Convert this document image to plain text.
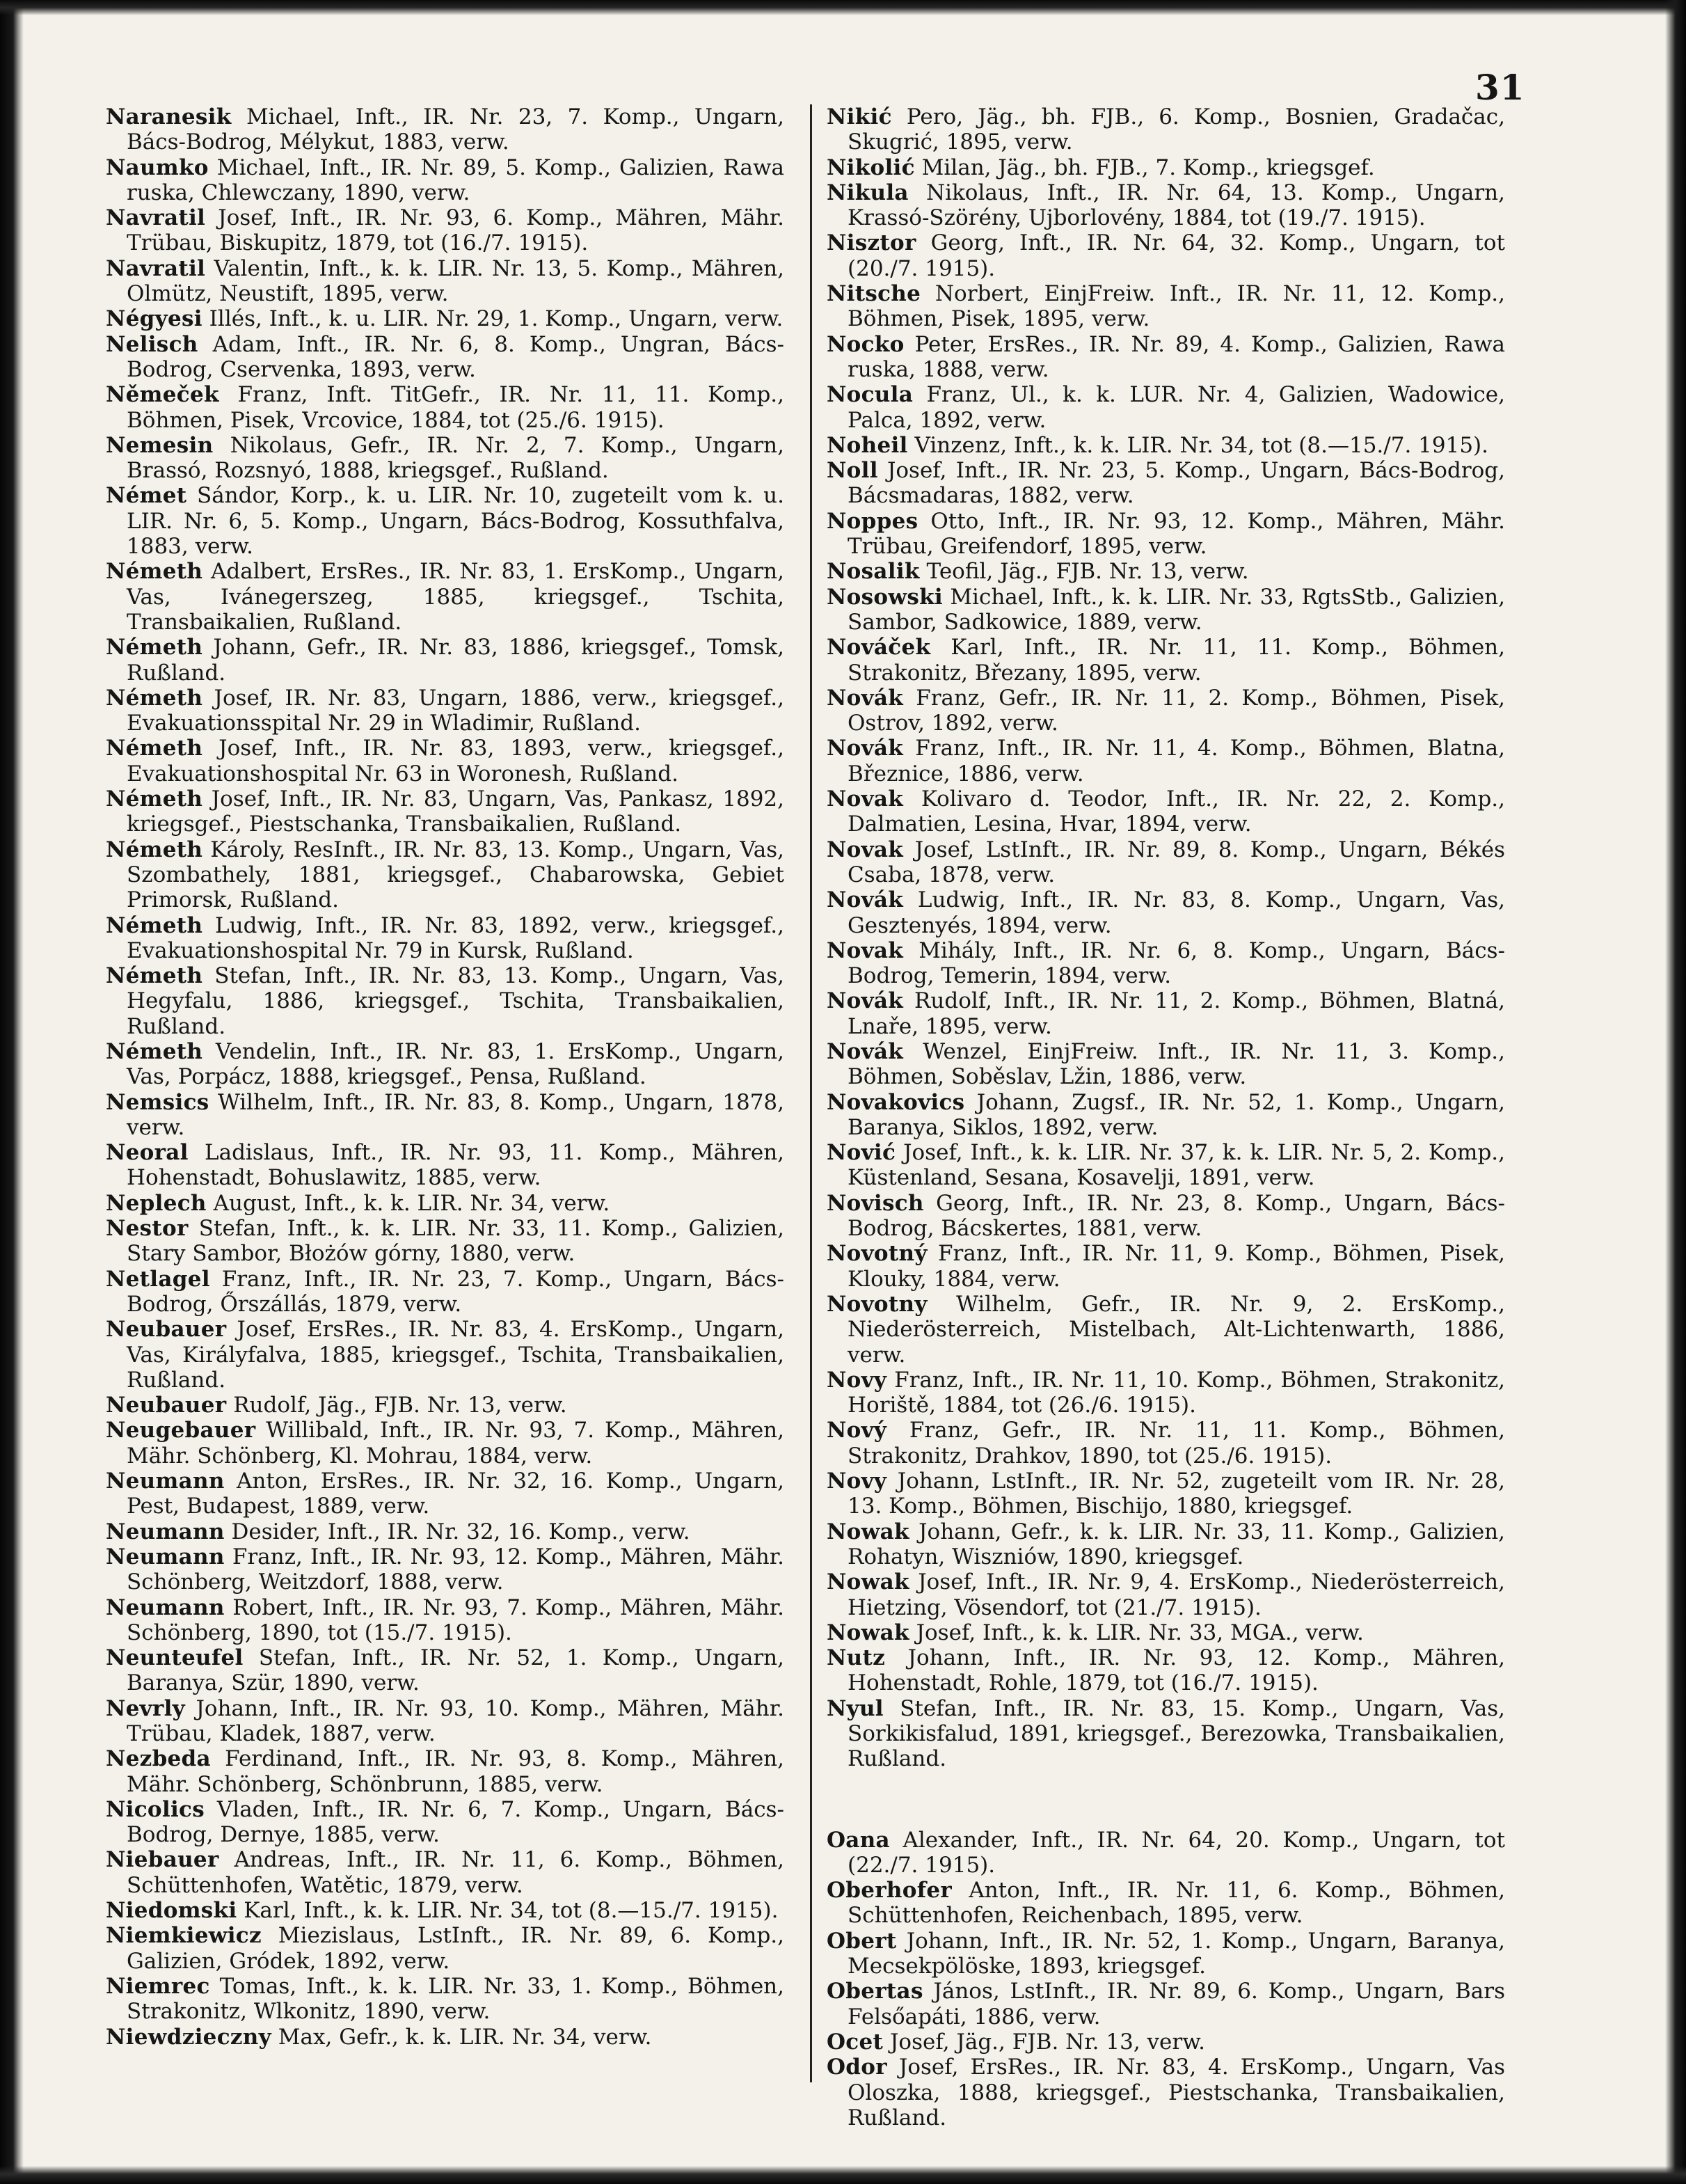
31

Naranesik Michael, Inft., IR. Nr. 23, 7. Komp., Ungarn, Bács-Bodrog, Mélykut, 1883, verw.

Naumko Michael, Inft., IR. Nr. 89, 5. Komp., Galizien, Rawa ruska, Chlewczany, 1890, verw.

Navratil Josef, Inft., IR. Nr. 93, 6. Komp., Mähren, Mähr. Trübau, Biskupitz, 1879, tot (16./7. 1915).

Navratil Valentin, Inft., k. k. LIR. Nr. 13, 5. Komp., Mähren, Olmütz, Neustift, 1895, verw.

Négyesi Illés, Inft., k. u. LIR. Nr. 29, 1. Komp., Ungarn, verw.

Nelisch Adam, Inft., IR. Nr. 6, 8. Komp., Ungran, Bács-Bodrog, Cservenka, 1893, verw.

Němeček Franz, Inft. TitGefr., IR. Nr. 11, 11. Komp., Böhmen, Pisek, Vrcovice, 1884, tot (25./6. 1915).

Nemesin Nikolaus, Gefr., IR. Nr. 2, 7. Komp., Ungarn, Brassó, Rozsnyó, 1888, kriegsgef., Rußland.

Német Sándor, Korp., k. u. LIR. Nr. 10, zugeteilt vom k. u. LIR. Nr. 6, 5. Komp., Ungarn, Bács-Bodrog, Kossuthfalva, 1883, verw.

Németh Adalbert, ErsRes., IR. Nr. 83, 1. ErsKomp., Ungarn, Vas, Ivánegerszeg, 1885, kriegsgef., Tschita, Transbaikalien, Rußland.

Németh Johann, Gefr., IR. Nr. 83, 1886, kriegsgef., Tomsk, Rußland.

Németh Josef, IR. Nr. 83, Ungarn, 1886, verw., kriegsgef., Evakuationsspital Nr. 29 in Wladimir, Rußland.

Németh Josef, Inft., IR. Nr. 83, 1893, verw., kriegsgef., Evakuationshospital Nr. 63 in Woronesh, Rußland.

Németh Josef, Inft., IR. Nr. 83, Ungarn, Vas, Pankasz, 1892, kriegsgef., Piestschanka, Transbaikalien, Rußland.

Németh Károly, ResInft., IR. Nr. 83, 13. Komp., Ungarn, Vas, Szombathely, 1881, kriegsgef., Chabarowska, Gebiet Primorsk, Rußland.

Németh Ludwig, Inft., IR. Nr. 83, 1892, verw., kriegsgef., Evakuationshospital Nr. 79 in Kursk, Rußland.

Németh Stefan, Inft., IR. Nr. 83, 13. Komp., Ungarn, Vas, Hegyfalu, 1886, kriegsgef., Tschita, Transbaikalien, Rußland.

Németh Vendelin, Inft., IR. Nr. 83, 1. ErsKomp., Ungarn, Vas, Porpácz, 1888, kriegsgef., Pensa, Rußland.

Nemsics Wilhelm, Inft., IR. Nr. 83, 8. Komp., Ungarn, 1878, verw.

Neoral Ladislaus, Inft., IR. Nr. 93, 11. Komp., Mähren, Hohenstadt, Bohuslawitz, 1885, verw.

Neplech August, Inft., k. k. LIR. Nr. 34, verw.

Nestor Stefan, Inft., k. k. LIR. Nr. 33, 11. Komp., Galizien, Stary Sambor, Błożów górny, 1880, verw.

Netlagel Franz, Inft., IR. Nr. 23, 7. Komp., Ungarn, Bács-Bodrog, Őrszállás, 1879, verw.

Neubauer Josef, ErsRes., IR. Nr. 83, 4. ErsKomp., Ungarn, Vas, Királyfalva, 1885, kriegsgef., Tschita, Transbaikalien, Rußland.

Neubauer Rudolf, Jäg., FJB. Nr. 13, verw.

Neugebauer Willibald, Inft., IR. Nr. 93, 7. Komp., Mähren, Mähr. Schönberg, Kl. Mohrau, 1884, verw.

Neumann Anton, ErsRes., IR. Nr. 32, 16. Komp., Ungarn, Pest, Budapest, 1889, verw.

Neumann Desider, Inft., IR. Nr. 32, 16. Komp., verw.

Neumann Franz, Inft., IR. Nr. 93, 12. Komp., Mähren, Mähr. Schönberg, Weitzdorf, 1888, verw.

Neumann Robert, Inft., IR. Nr. 93, 7. Komp., Mähren, Mähr. Schönberg, 1890, tot (15./7. 1915).

Neunteufel Stefan, Inft., IR. Nr. 52, 1. Komp., Ungarn, Baranya, Szür, 1890, verw.

Nevrly Johann, Inft., IR. Nr. 93, 10. Komp., Mähren, Mähr. Trübau, Kladek, 1887, verw.

Nezbeda Ferdinand, Inft., IR. Nr. 93, 8. Komp., Mähren, Mähr. Schönberg, Schönbrunn, 1885, verw.

Nicolics Vladen, Inft., IR. Nr. 6, 7. Komp., Ungarn, Bács-Bodrog, Dernye, 1885, verw.

Niebauer Andreas, Inft., IR. Nr. 11, 6. Komp., Böhmen, Schüttenhofen, Watětic, 1879, verw.

Niedomski Karl, Inft., k. k. LIR. Nr. 34, tot (8.—15./7. 1915).

Niemkiewicz Miezislaus, LstInft., IR. Nr. 89, 6. Komp., Galizien, Gródek, 1892, verw.

Niemrec Tomas, Inft., k. k. LIR. Nr. 33, 1. Komp., Böhmen, Strakonitz, Wlkonitz, 1890, verw.

Niewdzieczny Max, Gefr., k. k. LIR. Nr. 34, verw.

Nikić Pero, Jäg., bh. FJB., 6. Komp., Bosnien, Gradačac, Skugrić, 1895, verw.

Nikolić Milan, Jäg., bh. FJB., 7. Komp., kriegsgef.

Nikula Nikolaus, Inft., IR. Nr. 64, 13. Komp., Ungarn, Krassó-Szörény, Ujborlovény, 1884, tot (19./7. 1915).

Nisztor Georg, Inft., IR. Nr. 64, 32. Komp., Ungarn, tot (20./7. 1915).

Nitsche Norbert, EinjFreiw. Inft., IR. Nr. 11, 12. Komp., Böhmen, Pisek, 1895, verw.

Nocko Peter, ErsRes., IR. Nr. 89, 4. Komp., Galizien, Rawa ruska, 1888, verw.

Nocula Franz, Ul., k. k. LUR. Nr. 4, Galizien, Wadowice, Palca, 1892, verw.

Noheil Vinzenz, Inft., k. k. LIR. Nr. 34, tot (8.—15./7. 1915).

Noll Josef, Inft., IR. Nr. 23, 5. Komp., Ungarn, Bács-Bodrog, Bácsmadaras, 1882, verw.

Noppes Otto, Inft., IR. Nr. 93, 12. Komp., Mähren, Mähr. Trübau, Greifendorf, 1895, verw.

Nosalik Teofil, Jäg., FJB. Nr. 13, verw.

Nosowski Michael, Inft., k. k. LIR. Nr. 33, RgtsStb., Galizien, Sambor, Sadkowice, 1889, verw.

Nováček Karl, Inft., IR. Nr. 11, 11. Komp., Böhmen, Strakonitz, Březany, 1895, verw.

Novák Franz, Gefr., IR. Nr. 11, 2. Komp., Böhmen, Pisek, Ostrov, 1892, verw.

Novák Franz, Inft., IR. Nr. 11, 4. Komp., Böhmen, Blatna, Březnice, 1886, verw.

Novak Kolivaro d. Teodor, Inft., IR. Nr. 22, 2. Komp., Dalmatien, Lesina, Hvar, 1894, verw.

Novak Josef, LstInft., IR. Nr. 89, 8. Komp., Ungarn, Békés Csaba, 1878, verw.

Novák Ludwig, Inft., IR. Nr. 83, 8. Komp., Ungarn, Vas, Gesztenyés, 1894, verw.

Novak Mihály, Inft., IR. Nr. 6, 8. Komp., Ungarn, Bács-Bodrog, Temerin, 1894, verw.

Novák Rudolf, Inft., IR. Nr. 11, 2. Komp., Böhmen, Blatná, Lnaře, 1895, verw.

Novák Wenzel, EinjFreiw. Inft., IR. Nr. 11, 3. Komp., Böhmen, Soběslav, Lžin, 1886, verw.

Novakovics Johann, Zugsf., IR. Nr. 52, 1. Komp., Ungarn, Baranya, Siklos, 1892, verw.

Nović Josef, Inft., k. k. LIR. Nr. 37, k. k. LIR. Nr. 5, 2. Komp., Küstenland, Sesana, Kosavelji, 1891, verw.

Novisch Georg, Inft., IR. Nr. 23, 8. Komp., Ungarn, Bács-Bodrog, Bácskertes, 1881, verw.

Novotný Franz, Inft., IR. Nr. 11, 9. Komp., Böhmen, Pisek, Klouky, 1884, verw.

Novotny Wilhelm, Gefr., IR. Nr. 9, 2. ErsKomp., Niederösterreich, Mistelbach, Alt-Lichtenwarth, 1886, verw.

Novy Franz, Inft., IR. Nr. 11, 10. Komp., Böhmen, Strakonitz, Horiště, 1884, tot (26./6. 1915).

Nový Franz, Gefr., IR. Nr. 11, 11. Komp., Böhmen, Strakonitz, Drahkov, 1890, tot (25./6. 1915).

Novy Johann, LstInft., IR. Nr. 52, zugeteilt vom IR. Nr. 28, 13. Komp., Böhmen, Bischijo, 1880, kriegsgef.

Nowak Johann, Gefr., k. k. LIR. Nr. 33, 11. Komp., Galizien, Rohatyn, Wiszniów, 1890, kriegsgef.

Nowak Josef, Inft., IR. Nr. 9, 4. ErsKomp., Niederösterreich, Hietzing, Vösendorf, tot (21./7. 1915).

Nowak Josef, Inft., k. k. LIR. Nr. 33, MGA., verw.

Nutz Johann, Inft., IR. Nr. 93, 12. Komp., Mähren, Hohenstadt, Rohle, 1879, tot (16./7. 1915).

Nyul Stefan, Inft., IR. Nr. 83, 15. Komp., Ungarn, Vas, Sorkikisfalud, 1891, kriegsgef., Berezowka, Transbaikalien, Rußland.

Oana Alexander, Inft., IR. Nr. 64, 20. Komp., Ungarn, tot (22./7. 1915).

Oberhofer Anton, Inft., IR. Nr. 11, 6. Komp., Böhmen, Schüttenhofen, Reichenbach, 1895, verw.

Obert Johann, Inft., IR. Nr. 52, 1. Komp., Ungarn, Baranya, Mecsekpölöske, 1893, kriegsgef.

Obertas János, LstInft., IR. Nr. 89, 6. Komp., Ungarn, Bars Felsőapáti, 1886, verw.

Ocet Josef, Jäg., FJB. Nr. 13, verw.

Odor Josef, ErsRes., IR. Nr. 83, 4. ErsKomp., Ungarn, Vas Oloszka, 1888, kriegsgef., Piestschanka, Transbaikalien, Rußland.
